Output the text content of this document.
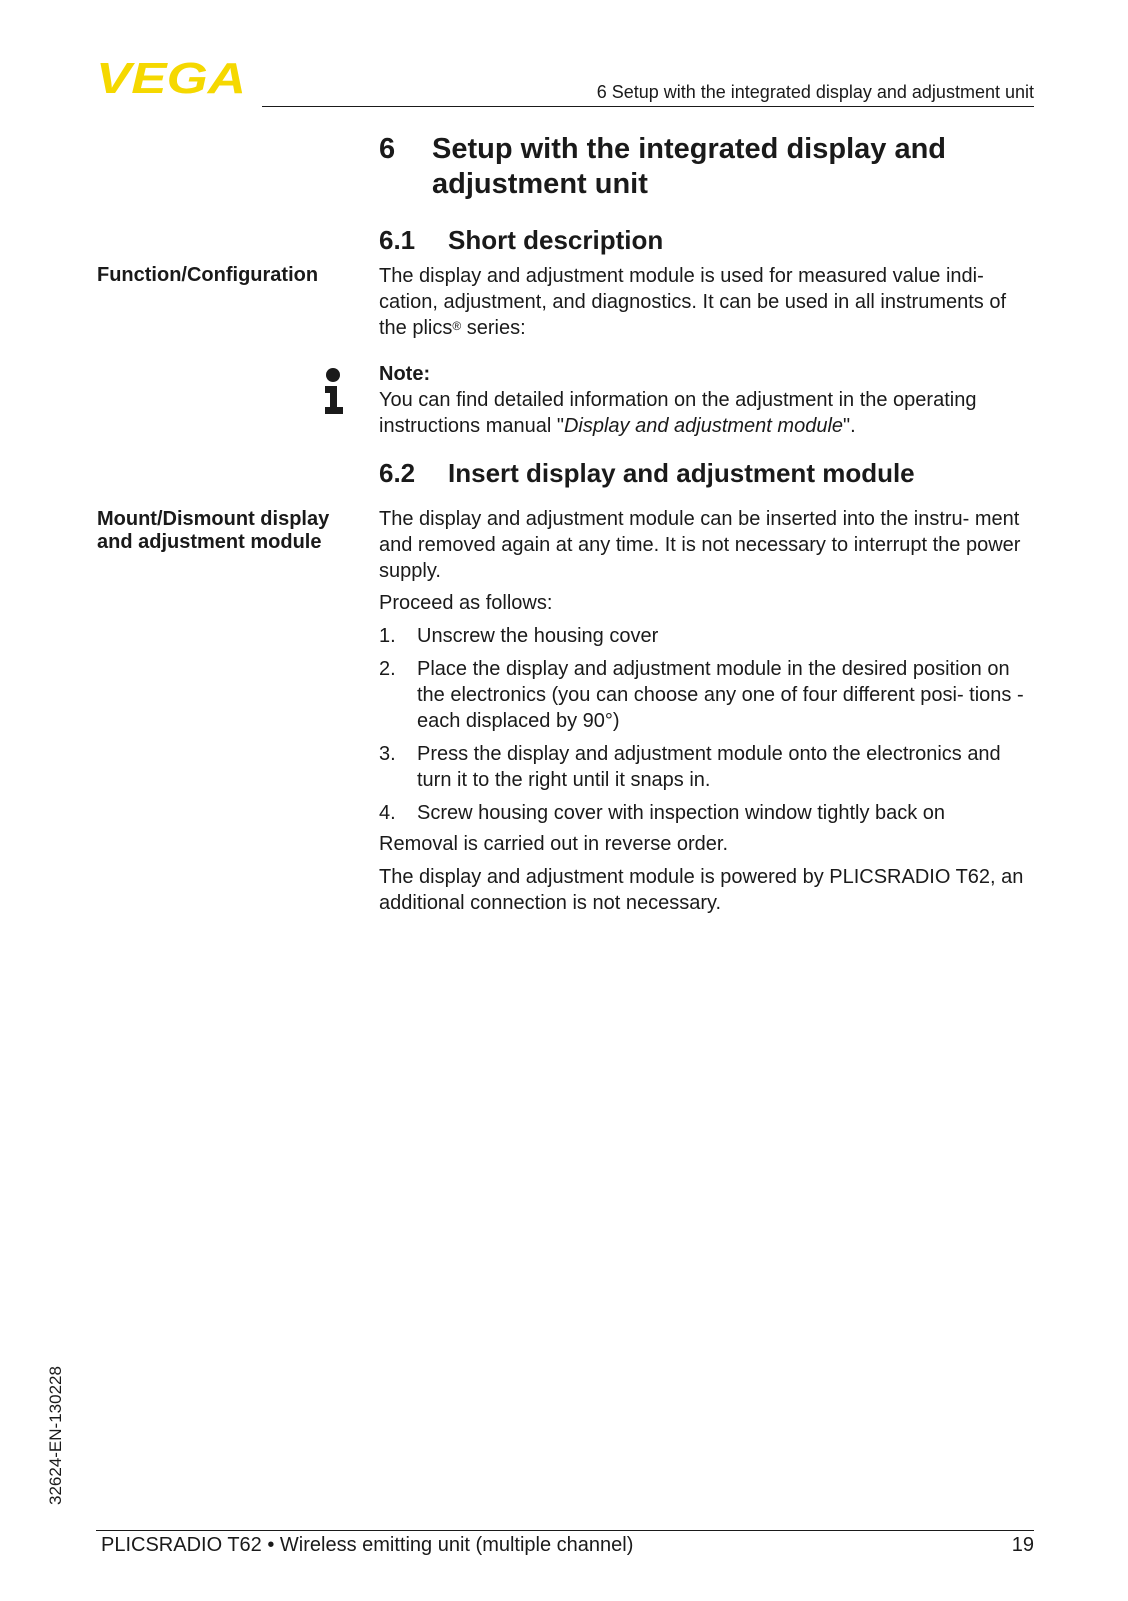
VEGA	6 Setup with the integrated display and adjustment unit
6 Setup with the integrated display and adjustment unit
6.1 Short description
Function/Configuration	The display and adjustment module is used for measured value indi- cation, adjustment, and diagnostics. It can be used in all instruments of the plics® series:

Note:

You can find detailed information on the adjustment in the operating instructions manual "Display and adjustment module".

6.2 Insert display and adjustment module
Mount/Dismount display and adjustment module
The display and adjustment module can be inserted into the instru- ment and removed again at any time. It is not necessary to interrupt the power supply.
Proceed as follows:
1. Unscrew the housing cover
2. Place the display and adjustment module in the desired position on the electronics (you can choose any one of four different posi- tions - each displaced by 90°)
3. Press the display and adjustment module onto the electronics and turn it to the right until it snaps in.
4. Screw housing cover with inspection window tightly back on
Removal is carried out in reverse order.
The display and adjustment module is powered by PLICSRADIO T62, an additional connection is not necessary.
32624-EN-130228
PLICSRADIO T62 • Wireless emitting unit (multiple channel)	19
